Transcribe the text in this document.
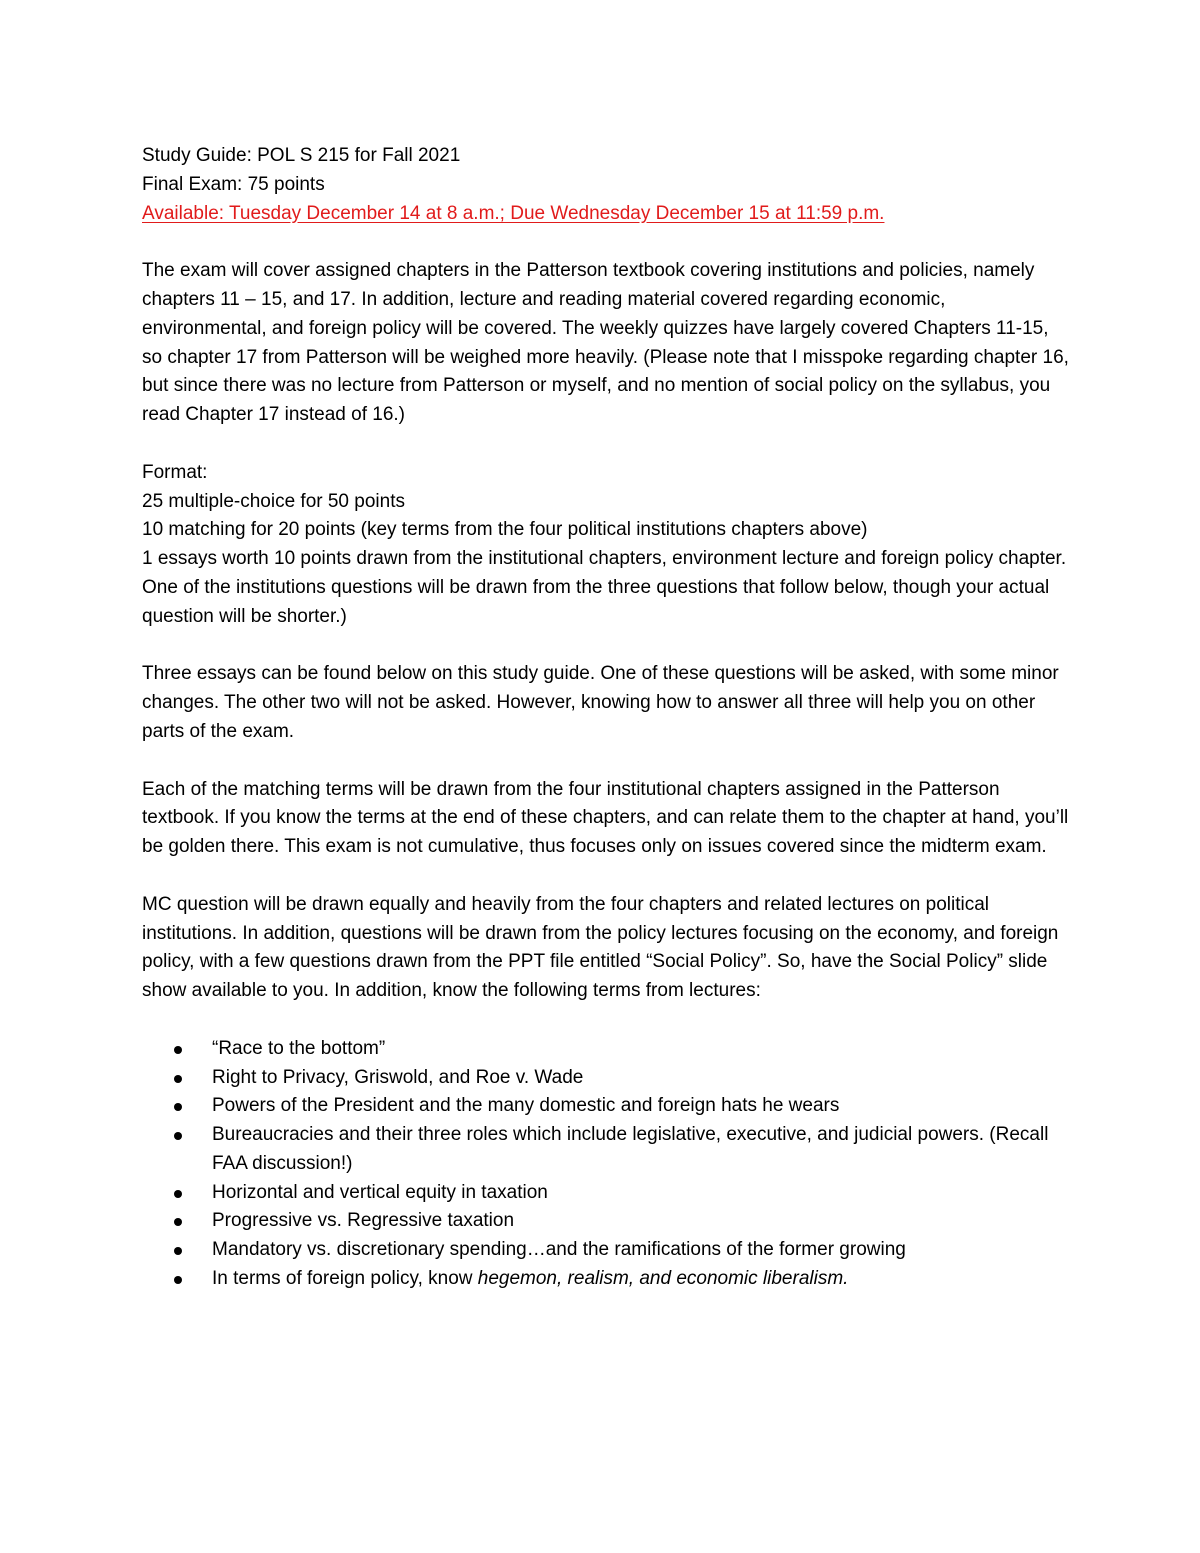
Study Guide: POL S 215 for Fall 2021

Final Exam: 75 points

Available: Tuesday December 14 at 8 a.m.; Due Wednesday December 15 at 11:59 p.m.

The exam will cover assigned chapters in the Patterson textbook covering institutions and policies, namely chapters 11 – 15, and 17. In addition, lecture and reading material covered regarding economic, environmental, and foreign policy will be covered. The weekly quizzes have largely covered Chapters 11-15, so chapter 17 from Patterson will be weighed more heavily. (Please note that I misspoke regarding chapter 16, but since there was no lecture from Patterson or myself, and no mention of social policy on the syllabus, you read Chapter 17 instead of 16.)

Format:

25 multiple-choice for 50 points

10 matching for 20 points (key terms from the four political institutions chapters above)

1 essays worth 10 points drawn from the institutional chapters, environment lecture and foreign policy chapter. One of the institutions questions will be drawn from the three questions that follow below, though your actual question will be shorter.)

Three essays can be found below on this study guide. One of these questions will be asked, with some minor changes. The other two will not be asked. However, knowing how to answer all three will help you on other parts of the exam.

Each of the matching terms will be drawn from the four institutional chapters assigned in the Patterson textbook. If you know the terms at the end of these chapters, and can relate them to the chapter at hand, you’ll be golden there. This exam is not cumulative, thus focuses only on issues covered since the midterm exam.

MC question will be drawn equally and heavily from the four chapters and related lectures on political institutions. In addition, questions will be drawn from the policy lectures focusing on the economy, and foreign policy, with a few questions drawn from the PPT file entitled “Social Policy”. So, have the Social Policy” slide show available to you. In addition, know the following terms from lectures:

“Race to the bottom”
Right to Privacy, Griswold, and Roe v. Wade
Powers of the President and the many domestic and foreign hats he wears
Bureaucracies and their three roles which include legislative, executive, and judicial powers. (Recall FAA discussion!)
Horizontal and vertical equity in taxation
Progressive vs. Regressive taxation
Mandatory vs. discretionary spending…and the ramifications of the former growing
In terms of foreign policy, know hegemon, realism, and economic liberalism.
